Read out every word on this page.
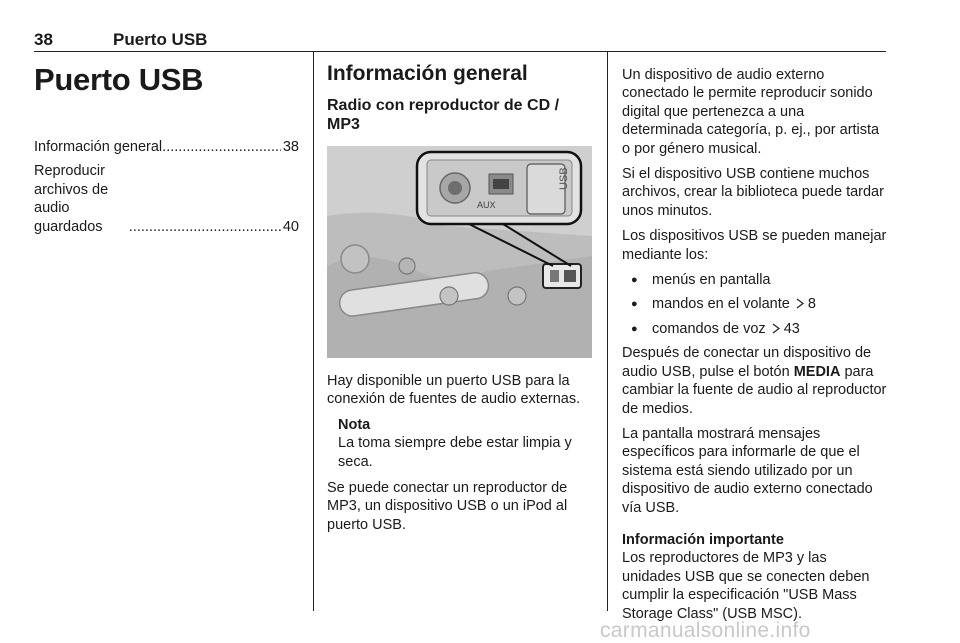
38	Puerto USB
Puerto USB
Información general .....	38
Reproducir archivos de audio guardados .....	40
Información general
Radio con reproductor de CD / MP3
AUX
USB

Hay disponible un puerto USB para la conexión de fuentes de audio externas.

Nota
La toma siempre debe estar limpia y seca.

Se puede conectar un reproductor de MP3, un dispositivo USB o un iPod al puerto USB.

Un dispositivo de audio externo conectado le permite reproducir sonido digital que pertenezca a una determinada categoría, p. ej., por artista o por género musical.

Si el dispositivo USB contiene muchos archivos, crear la biblioteca puede tardar unos minutos.

Los dispositivos USB se pueden manejar mediante los:

● menús en pantalla
● mandos en el volante 8
● comandos de voz 43

Después de conectar un dispositivo de audio USB, pulse el botón MEDIA para cambiar la fuente de audio al reproductor de medios.

La pantalla mostrará mensajes específicos para informarle de que el sistema está siendo utilizado por un dispositivo de audio externo conectado vía USB.

Información importante

Los reproductores de MP3 y las unidades USB que se conecten deben cumplir la especificación "USB Mass Storage Class" (USB MSC).

carmanualsonline.info
